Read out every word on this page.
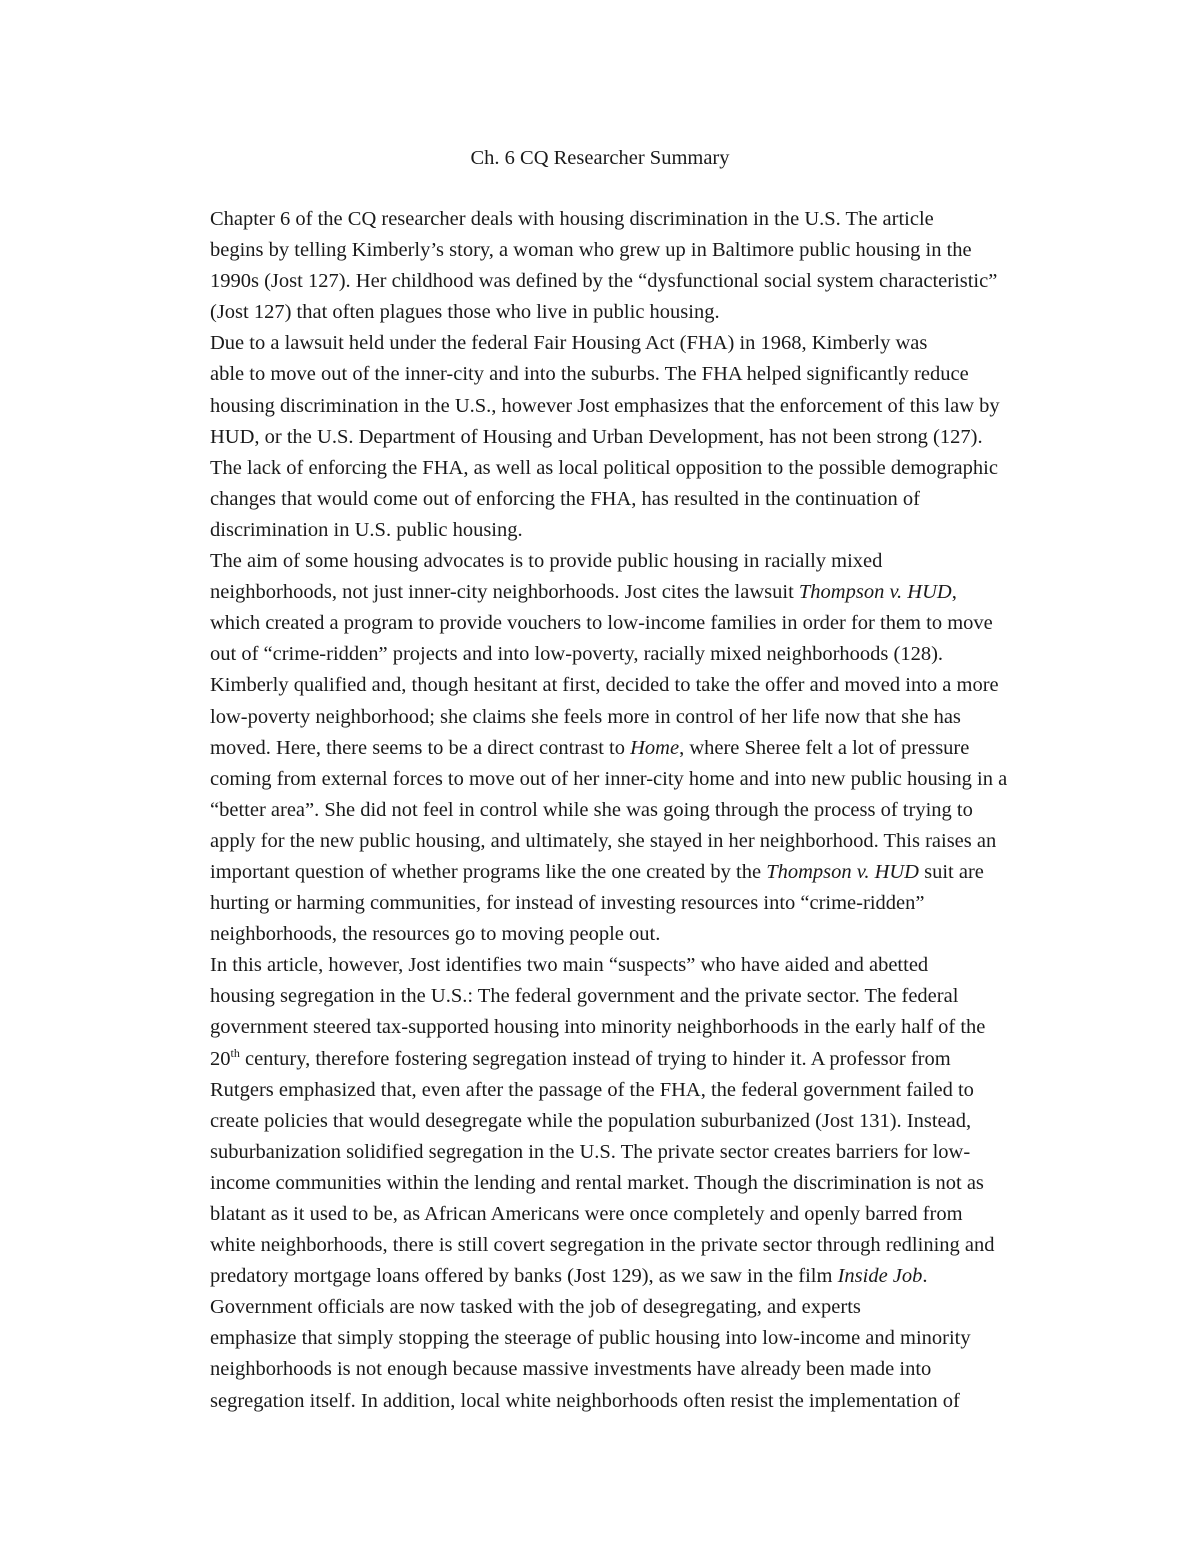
Ch. 6 CQ Researcher Summary

Chapter 6 of the CQ researcher deals with housing discrimination in the U.S. The article
begins by telling Kimberly’s story, a woman who grew up in Baltimore public housing in the
1990s (Jost 127). Her childhood was defined by the “dysfunctional social system characteristic”
(Jost 127) that often plagues those who live in public housing.

Due to a lawsuit held under the federal Fair Housing Act (FHA) in 1968, Kimberly was
able to move out of the inner-city and into the suburbs. The FHA helped significantly reduce
housing discrimination in the U.S., however Jost emphasizes that the enforcement of this law by
HUD, or the U.S. Department of Housing and Urban Development, has not been strong (127).
The lack of enforcing the FHA, as well as local political opposition to the possible demographic
changes that would come out of enforcing the FHA, has resulted in the continuation of
discrimination in U.S. public housing.

The aim of some housing advocates is to provide public housing in racially mixed
neighborhoods, not just inner-city neighborhoods. Jost cites the lawsuit Thompson v. HUD,
which created a program to provide vouchers to low-income families in order for them to move
out of “crime-ridden” projects and into low-poverty, racially mixed neighborhoods (128).
Kimberly qualified and, though hesitant at first, decided to take the offer and moved into a more
low-poverty neighborhood; she claims she feels more in control of her life now that she has
moved. Here, there seems to be a direct contrast to Home, where Sheree felt a lot of pressure
coming from external forces to move out of her inner-city home and into new public housing in a
“better area”. She did not feel in control while she was going through the process of trying to
apply for the new public housing, and ultimately, she stayed in her neighborhood. This raises an
important question of whether programs like the one created by the Thompson v. HUD suit are
hurting or harming communities, for instead of investing resources into “crime-ridden”
neighborhoods, the resources go to moving people out.

In this article, however, Jost identifies two main “suspects” who have aided and abetted
housing segregation in the U.S.: The federal government and the private sector. The federal
government steered tax-supported housing into minority neighborhoods in the early half of the
20th century, therefore fostering segregation instead of trying to hinder it. A professor from
Rutgers emphasized that, even after the passage of the FHA, the federal government failed to
create policies that would desegregate while the population suburbanized (Jost 131). Instead,
suburbanization solidified segregation in the U.S. The private sector creates barriers for low-
income communities within the lending and rental market. Though the discrimination is not as
blatant as it used to be, as African Americans were once completely and openly barred from
white neighborhoods, there is still covert segregation in the private sector through redlining and
predatory mortgage loans offered by banks (Jost 129), as we saw in the film Inside Job.

Government officials are now tasked with the job of desegregating, and experts
emphasize that simply stopping the steerage of public housing into low-income and minority
neighborhoods is not enough because massive investments have already been made into
segregation itself. In addition, local white neighborhoods often resist the implementation of
